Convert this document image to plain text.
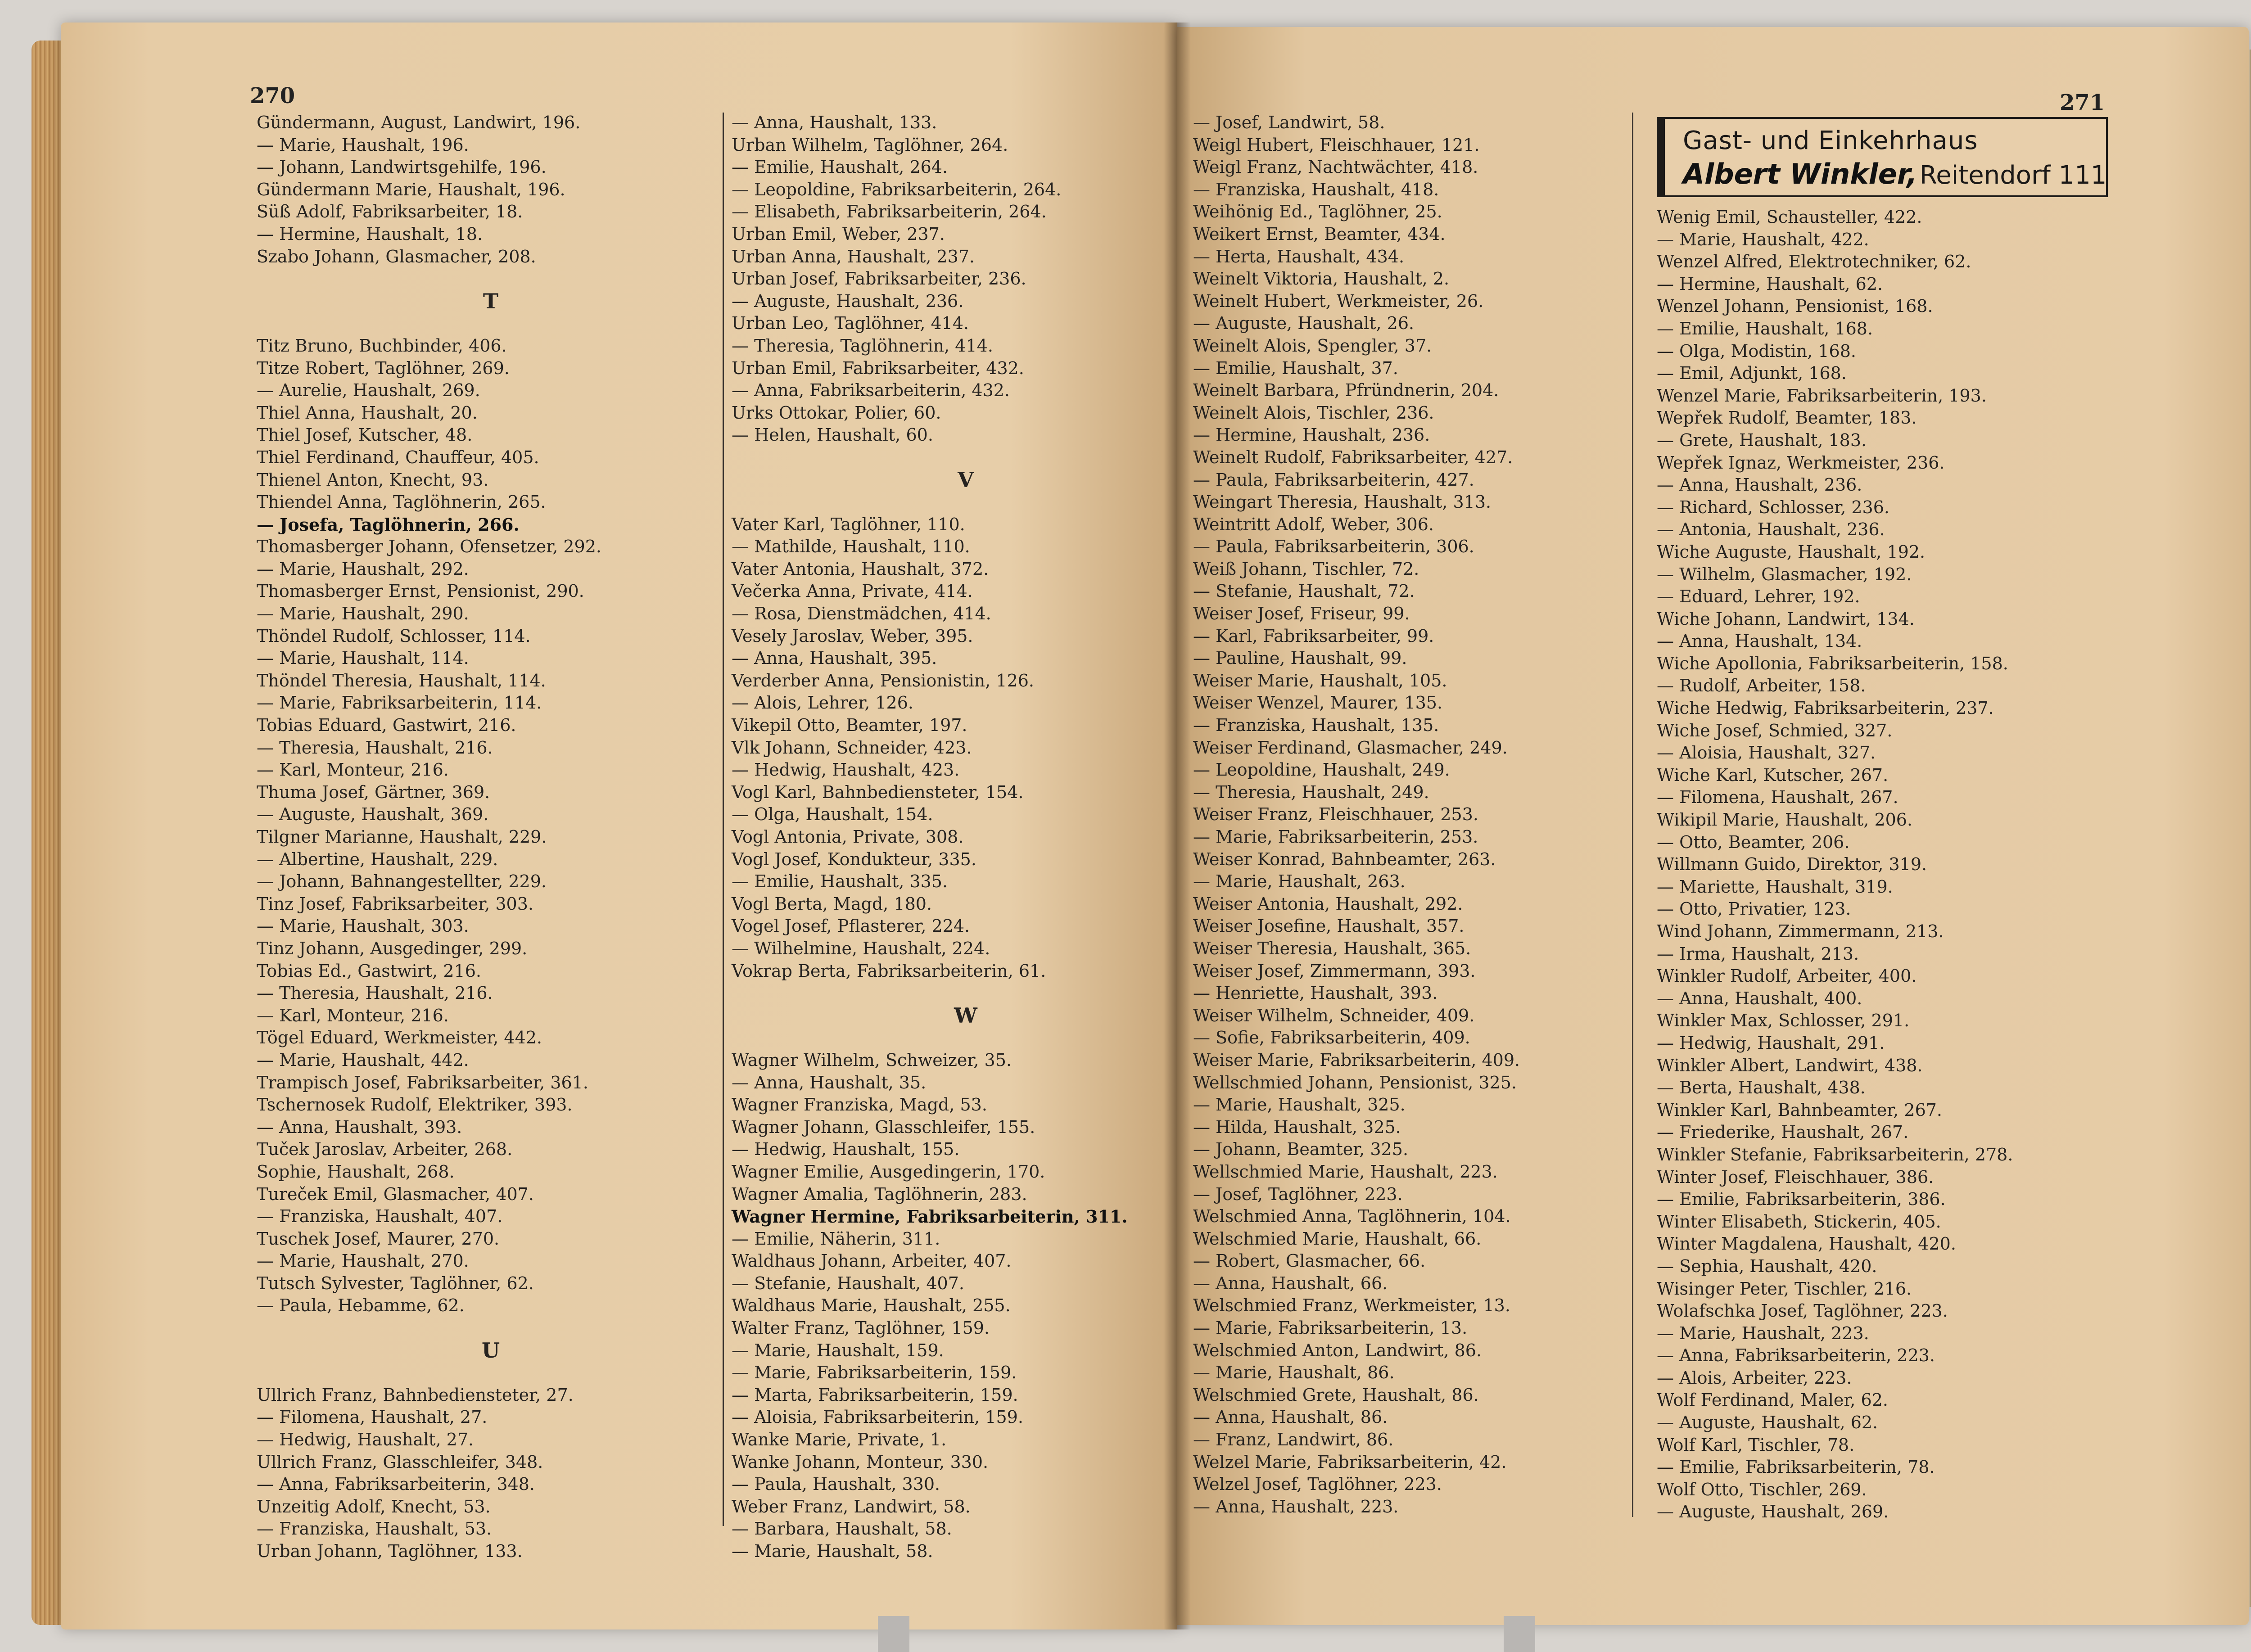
270	271
Gündermann, August, Landwirt, 196.
— Marie, Haushalt, 196.
— Johann, Landwirtsgehilfe, 196.
Gündermann Marie, Haushalt, 196.
Süß Adolf, Fabriksarbeiter, 18.
— Hermine, Haushalt, 18.
Szabo Johann, Glasmacher, 208.
T
Titz Bruno, Buchbinder, 406.
Titze Robert, Taglöhner, 269.
— Aurelie, Haushalt, 269.
Thiel Anna, Haushalt, 20.
Thiel Josef, Kutscher, 48.
Thiel Ferdinand, Chauffeur, 405.
Thienel Anton, Knecht, 93.
Thiendel Anna, Taglöhnerin, 265.
— Josefa, Taglöhnerin, 266.
Thomasberger Johann, Ofensetzer, 292.
— Marie, Haushalt, 292.
Thomasberger Ernst, Pensionist, 290.
— Marie, Haushalt, 290.
Thöndel Rudolf, Schlosser, 114.
— Marie, Haushalt, 114.
Thöndel Theresia, Haushalt, 114.
— Marie, Fabriksarbeiterin, 114.
Tobias Eduard, Gastwirt, 216.
— Theresia, Haushalt, 216.
— Karl, Monteur, 216.
Thuma Josef, Gärtner, 369.
— Auguste, Haushalt, 369.
Tilgner Marianne, Haushalt, 229.
— Albertine, Haushalt, 229.
— Johann, Bahnangestellter, 229.
Tinz Josef, Fabriksarbeiter, 303.
— Marie, Haushalt, 303.
Tinz Johann, Ausgedinger, 299.
Tobias Ed., Gastwirt, 216.
— Theresia, Haushalt, 216.
— Karl, Monteur, 216.
Tögel Eduard, Werkmeister, 442.
— Marie, Haushalt, 442.
Trampisch Josef, Fabriksarbeiter, 361.
Tschernosek Rudolf, Elektriker, 393.
— Anna, Haushalt, 393.
Tuček Jaroslav, Arbeiter, 268.
Sophie, Haushalt, 268.
Tureček Emil, Glasmacher, 407.
— Franziska, Haushalt, 407.
Tuschek Josef, Maurer, 270.
— Marie, Haushalt, 270.
Tutsch Sylvester, Taglöhner, 62.
— Paula, Hebamme, 62.
U
Ullrich Franz, Bahnbediensteter, 27.
— Filomena, Haushalt, 27.
— Hedwig, Haushalt, 27.
Ullrich Franz, Glasschleifer, 348.
— Anna, Fabriksarbeiterin, 348.
Unzeitig Adolf, Knecht, 53.
— Franziska, Haushalt, 53.
Urban Johann, Taglöhner, 133.
— Anna, Haushalt, 133.
Urban Wilhelm, Taglöhner, 264.
— Emilie, Haushalt, 264.
— Leopoldine, Fabriksarbeiterin, 264.
— Elisabeth, Fabriksarbeiterin, 264.
Urban Emil, Weber, 237.
Urban Anna, Haushalt, 237.
Urban Josef, Fabriksarbeiter, 236.
— Auguste, Haushalt, 236.
Urban Leo, Taglöhner, 414.
— Theresia, Taglöhnerin, 414.
Urban Emil, Fabriksarbeiter, 432.
— Anna, Fabriksarbeiterin, 432.
Urks Ottokar, Polier, 60.
— Helen, Haushalt, 60.
V
Vater Karl, Taglöhner, 110.
— Mathilde, Haushalt, 110.
Vater Antonia, Haushalt, 372.
Večerka Anna, Private, 414.
— Rosa, Dienstmädchen, 414.
Vesely Jaroslav, Weber, 395.
— Anna, Haushalt, 395.
Verderber Anna, Pensionistin, 126.
— Alois, Lehrer, 126.
Vikepil Otto, Beamter, 197.
Vlk Johann, Schneider, 423.
— Hedwig, Haushalt, 423.
Vogl Karl, Bahnbediensteter, 154.
— Olga, Haushalt, 154.
Vogl Antonia, Private, 308.
Vogl Josef, Kondukteur, 335.
— Emilie, Haushalt, 335.
Vogl Berta, Magd, 180.
Vogel Josef, Pflasterer, 224.
— Wilhelmine, Haushalt, 224.
Vokrap Berta, Fabriksarbeiterin, 61.
W
Wagner Wilhelm, Schweizer, 35.
— Anna, Haushalt, 35.
Wagner Franziska, Magd, 53.
Wagner Johann, Glasschleifer, 155.
— Hedwig, Haushalt, 155.
Wagner Emilie, Ausgedingerin, 170.
Wagner Amalia, Taglöhnerin, 283.
Wagner Hermine, Fabriksarbeiterin, 311.
— Emilie, Näherin, 311.
Waldhaus Johann, Arbeiter, 407.
— Stefanie, Haushalt, 407.
Waldhaus Marie, Haushalt, 255.
Walter Franz, Taglöhner, 159.
— Marie, Haushalt, 159.
— Marie, Fabriksarbeiterin, 159.
— Marta, Fabriksarbeiterin, 159.
— Aloisia, Fabriksarbeiterin, 159.
Wanke Marie, Private, 1.
Wanke Johann, Monteur, 330.
— Paula, Haushalt, 330.
Weber Franz, Landwirt, 58.
— Barbara, Haushalt, 58.
— Marie, Haushalt, 58.
— Josef, Landwirt, 58.
Weigl Hubert, Fleischhauer, 121.
Weigl Franz, Nachtwächter, 418.
— Franziska, Haushalt, 418.
Weihönig Ed., Taglöhner, 25.
Weikert Ernst, Beamter, 434.
— Herta, Haushalt, 434.
Weinelt Viktoria, Haushalt, 2.
Weinelt Hubert, Werkmeister, 26.
— Auguste, Haushalt, 26.
Weinelt Alois, Spengler, 37.
— Emilie, Haushalt, 37.
Weinelt Barbara, Pfründnerin, 204.
Weinelt Alois, Tischler, 236.
— Hermine, Haushalt, 236.
Weinelt Rudolf, Fabriksarbeiter, 427.
— Paula, Fabriksarbeiterin, 427.
Weingart Theresia, Haushalt, 313.
Weintritt Adolf, Weber, 306.
— Paula, Fabriksarbeiterin, 306.
Weiß Johann, Tischler, 72.
— Stefanie, Haushalt, 72.
Weiser Josef, Friseur, 99.
— Karl, Fabriksarbeiter, 99.
— Pauline, Haushalt, 99.
Weiser Marie, Haushalt, 105.
Weiser Wenzel, Maurer, 135.
— Franziska, Haushalt, 135.
Weiser Ferdinand, Glasmacher, 249.
— Leopoldine, Haushalt, 249.
— Theresia, Haushalt, 249.
Weiser Franz, Fleischhauer, 253.
— Marie, Fabriksarbeiterin, 253.
Weiser Konrad, Bahnbeamter, 263.
— Marie, Haushalt, 263.
Weiser Antonia, Haushalt, 292.
Weiser Josefine, Haushalt, 357.
Weiser Theresia, Haushalt, 365.
Weiser Josef, Zimmermann, 393.
— Henriette, Haushalt, 393.
Weiser Wilhelm, Schneider, 409.
— Sofie, Fabriksarbeiterin, 409.
Weiser Marie, Fabriksarbeiterin, 409.
Wellschmied Johann, Pensionist, 325.
— Marie, Haushalt, 325.
— Hilda, Haushalt, 325.
— Johann, Beamter, 325.
Wellschmied Marie, Haushalt, 223.
— Josef, Taglöhner, 223.
Welschmied Anna, Taglöhnerin, 104.
Welschmied Marie, Haushalt, 66.
— Robert, Glasmacher, 66.
— Anna, Haushalt, 66.
Welschmied Franz, Werkmeister, 13.
— Marie, Fabriksarbeiterin, 13.
Welschmied Anton, Landwirt, 86.
— Marie, Haushalt, 86.
Welschmied Grete, Haushalt, 86.
— Anna, Haushalt, 86.
— Franz, Landwirt, 86.
Welzel Marie, Fabriksarbeiterin, 42.
Welzel Josef, Taglöhner, 223.
— Anna, Haushalt, 223.
Gast- und Einkehrhaus
Albert Winkler, Reitendorf 111
Wenig Emil, Schausteller, 422.
— Marie, Haushalt, 422.
Wenzel Alfred, Elektrotechniker, 62.
— Hermine, Haushalt, 62.
Wenzel Johann, Pensionist, 168.
— Emilie, Haushalt, 168.
— Olga, Modistin, 168.
— Emil, Adjunkt, 168.
Wenzel Marie, Fabriksarbeiterin, 193.
Wepřek Rudolf, Beamter, 183.
— Grete, Haushalt, 183.
Wepřek Ignaz, Werkmeister, 236.
— Anna, Haushalt, 236.
— Richard, Schlosser, 236.
— Antonia, Haushalt, 236.
Wiche Auguste, Haushalt, 192.
— Wilhelm, Glasmacher, 192.
— Eduard, Lehrer, 192.
Wiche Johann, Landwirt, 134.
— Anna, Haushalt, 134.
Wiche Apollonia, Fabriksarbeiterin, 158.
— Rudolf, Arbeiter, 158.
Wiche Hedwig, Fabriksarbeiterin, 237.
Wiche Josef, Schmied, 327.
— Aloisia, Haushalt, 327.
Wiche Karl, Kutscher, 267.
— Filomena, Haushalt, 267.
Wikipil Marie, Haushalt, 206.
— Otto, Beamter, 206.
Willmann Guido, Direktor, 319.
— Mariette, Haushalt, 319.
— Otto, Privatier, 123.
Wind Johann, Zimmermann, 213.
— Irma, Haushalt, 213.
Winkler Rudolf, Arbeiter, 400.
— Anna, Haushalt, 400.
Winkler Max, Schlosser, 291.
— Hedwig, Haushalt, 291.
Winkler Albert, Landwirt, 438.
— Berta, Haushalt, 438.
Winkler Karl, Bahnbeamter, 267.
— Friederike, Haushalt, 267.
Winkler Stefanie, Fabriksarbeiterin, 278.
Winter Josef, Fleischhauer, 386.
— Emilie, Fabriksarbeiterin, 386.
Winter Elisabeth, Stickerin, 405.
Winter Magdalena, Haushalt, 420.
— Sephia, Haushalt, 420.
Wisinger Peter, Tischler, 216.
Wolafschka Josef, Taglöhner, 223.
— Marie, Haushalt, 223.
— Anna, Fabriksarbeiterin, 223.
— Alois, Arbeiter, 223.
Wolf Ferdinand, Maler, 62.
— Auguste, Haushalt, 62.
Wolf Karl, Tischler, 78.
— Emilie, Fabriksarbeiterin, 78.
Wolf Otto, Tischler, 269.
— Auguste, Haushalt, 269.
